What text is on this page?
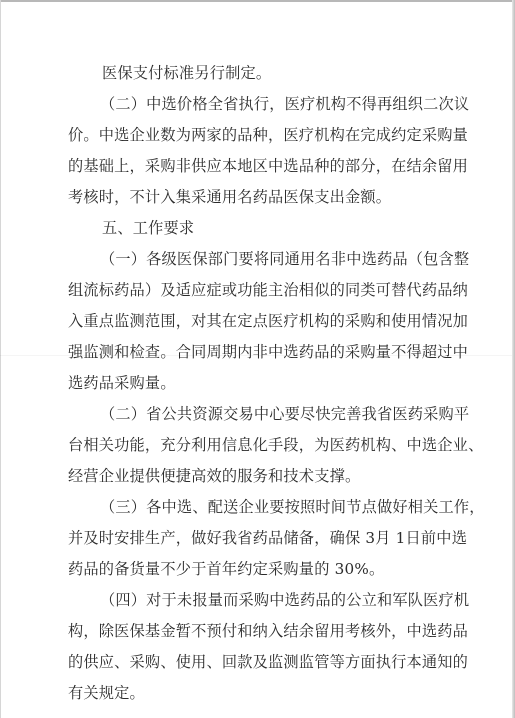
医保支付标准另行制定。
（二）中选价格全省执行，医疗机构不得再组织二次议
价。中选企业数为两家的品种，医疗机构在完成约定采购量
的基础上，采购非供应本地区中选品种的部分，在结余留用
考核时，不计入集采通用名药品医保支出金额。
五、工作要求
（一）各级医保部门要将同通用名非中选药品（包含整
组流标药品）及适应症或功能主治相似的同类可替代药品纳
入重点监测范围，对其在定点医疗机构的采购和使用情况加
强监测和检查。合同周期内非中选药品的采购量不得超过中
选药品采购量。
（二）省公共资源交易中心要尽快完善我省医药采购平
台相关功能，充分利用信息化手段，为医药机构、中选企业、
经营企业提供便捷高效的服务和技术支撑。
（三）各中选、配送企业要按照时间节点做好相关工作，
并及时安排生产，做好我省药品储备，确保 3月 1日前中选
药品的备货量不少于首年约定采购量的 30%。
（四）对于未报量而采购中选药品的公立和军队医疗机
构，除医保基金暂不预付和纳入结余留用考核外，中选药品
的供应、采购、使用、回款及监测监管等方面执行本通知的
有关规定。
